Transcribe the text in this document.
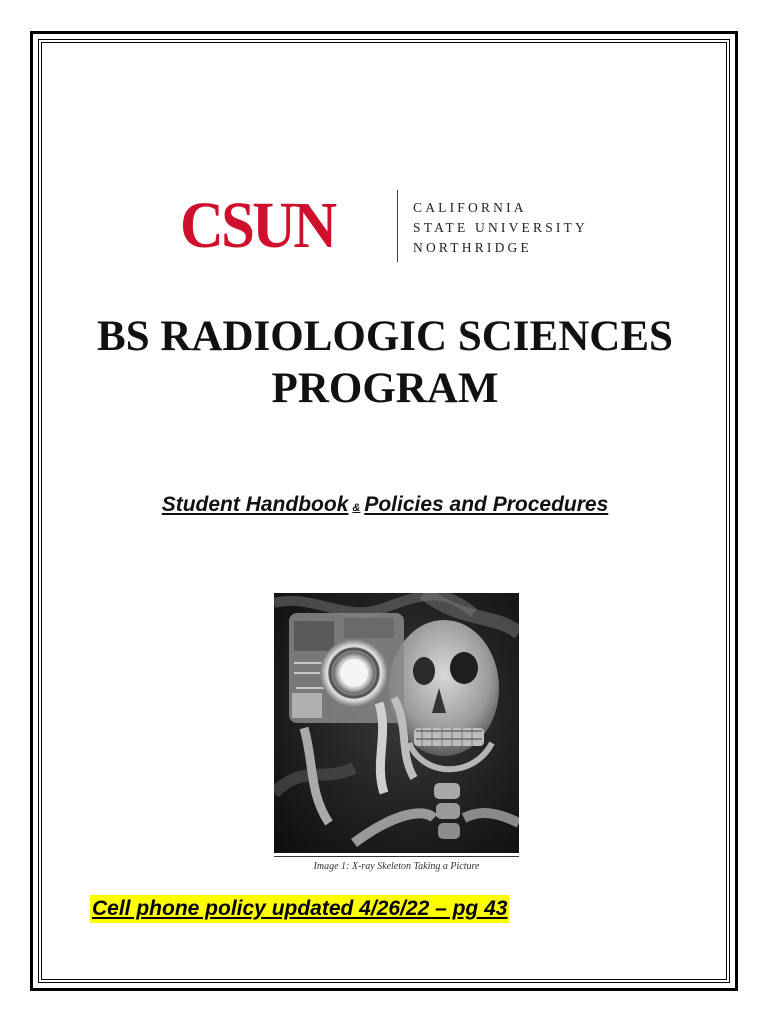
CSUN	CALIFORNIA
STATE UNIVERSITY
NORTHRIDGE
BS RADIOLOGIC SCIENCES
PROGRAM
Student Handbook & Policies and Procedures
Image 1: X-ray Skeleton Taking a Picture
Cell phone policy updated 4/26/22 – pg 43
